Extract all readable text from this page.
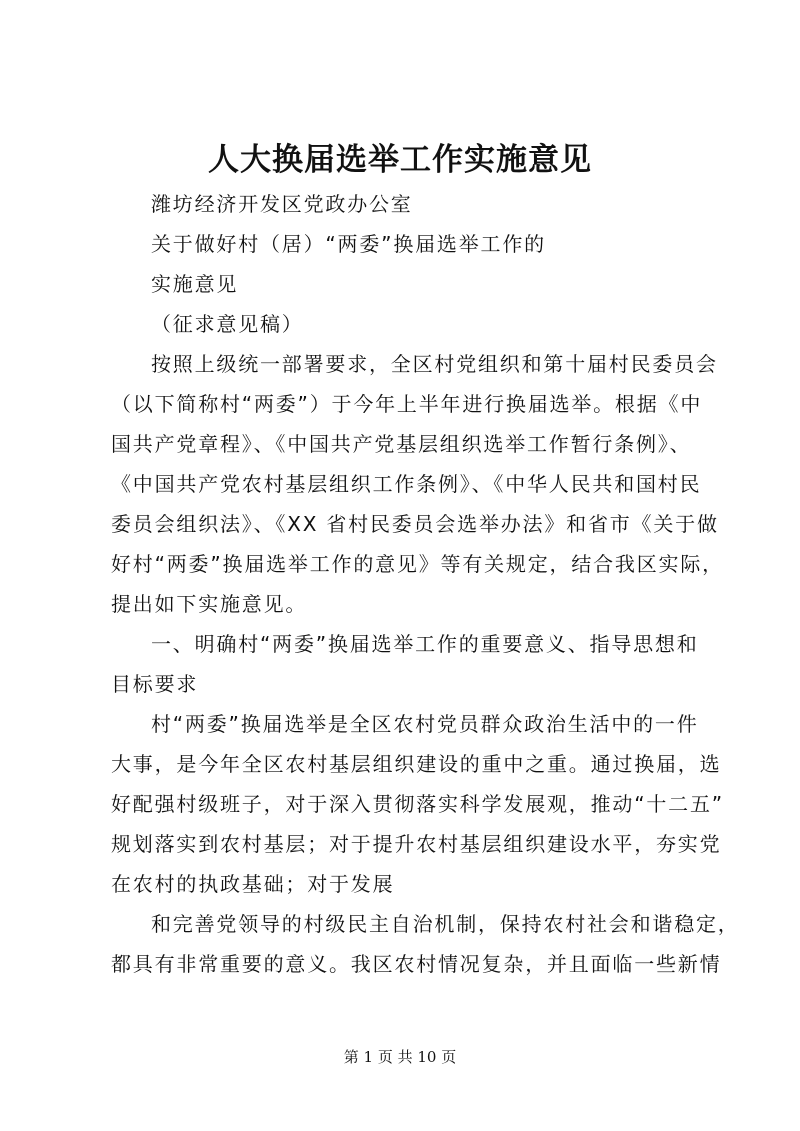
人大换届选举工作实施意见

潍坊经济开发区党政办公室

关于做好村（居）“两委”换届选举工作的

实施意见

（征求意见稿）

按照上级统一部署要求，全区村党组织和第十届村民委员会
（以下简称村“两委”）于今年上半年进行换届选举。根据《中
国共产党章程》、《中国共产党基层组织选举工作暂行条例》、
《中国共产党农村基层组织工作条例》、《中华人民共和国村民
委员会组织法》、《XX 省村民委员会选举办法》和省市《关于做
好村“两委”换届选举工作的意见》等有关规定，结合我区实际，
提出如下实施意见。

一、明确村“两委”换届选举工作的重要意义、指导思想和
目标要求

村“两委”换届选举是全区农村党员群众政治生活中的一件
大事，是今年全区农村基层组织建设的重中之重。通过换届，选
好配强村级班子，对于深入贯彻落实科学发展观，推动“十二五”
规划落实到农村基层；对于提升农村基层组织建设水平，夯实党
在农村的执政基础；对于发展

和完善党领导的村级民主自治机制，保持农村社会和谐稳定，
都具有非常重要的意义。我区农村情况复杂，并且面临一些新情

第 1 页 共 10 页
